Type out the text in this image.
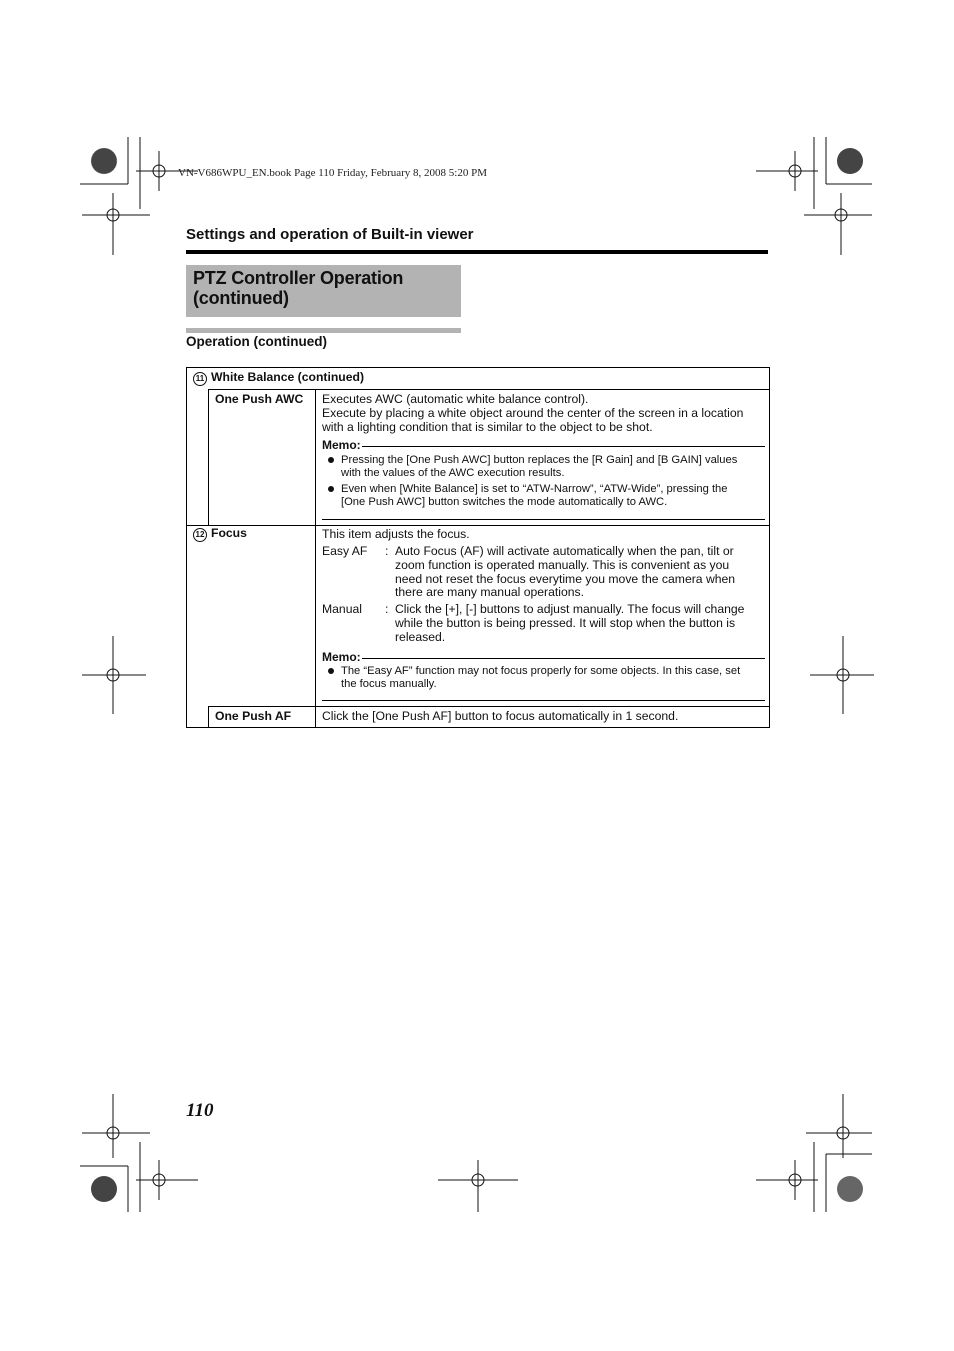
VN-V686WPU_EN.book Page 110 Friday, February 8, 2008 5:20 PM
Settings and operation of Built-in viewer
PTZ Controller Operation
(continued)
Operation (continued)
11 White Balance (continued)
One Push AWC Executes AWC (automatic white balance control).
Execute by placing a white object around the center of the screen in a location
with a lighting condition that is similar to the object to be shot.
Memo:
Pressing the [One Push AWC] button replaces the [R Gain] and [B GAIN] values
with the values of the AWC execution results.
Even when [White Balance] is set to “ATW-Narrow”, “ATW-Wide”, pressing the
[One Push AWC] button switches the mode automatically to AWC.
12 Focus	This item adjusts the focus.
Easy AF : Auto Focus (AF) will activate automatically when the pan, tilt or
zoom function is operated manually. This is convenient as you
need not reset the focus everytime you move the camera when
there are many manual operations.
Manual : Click the [+], [-] buttons to adjust manually. The focus will change
while the button is being pressed. It will stop when the button is
released.
Memo:
The “Easy AF” function may not focus properly for some objects. In this case, set
the focus manually.
One Push AF	Click the [One Push AF] button to focus automatically in 1 second.
110
